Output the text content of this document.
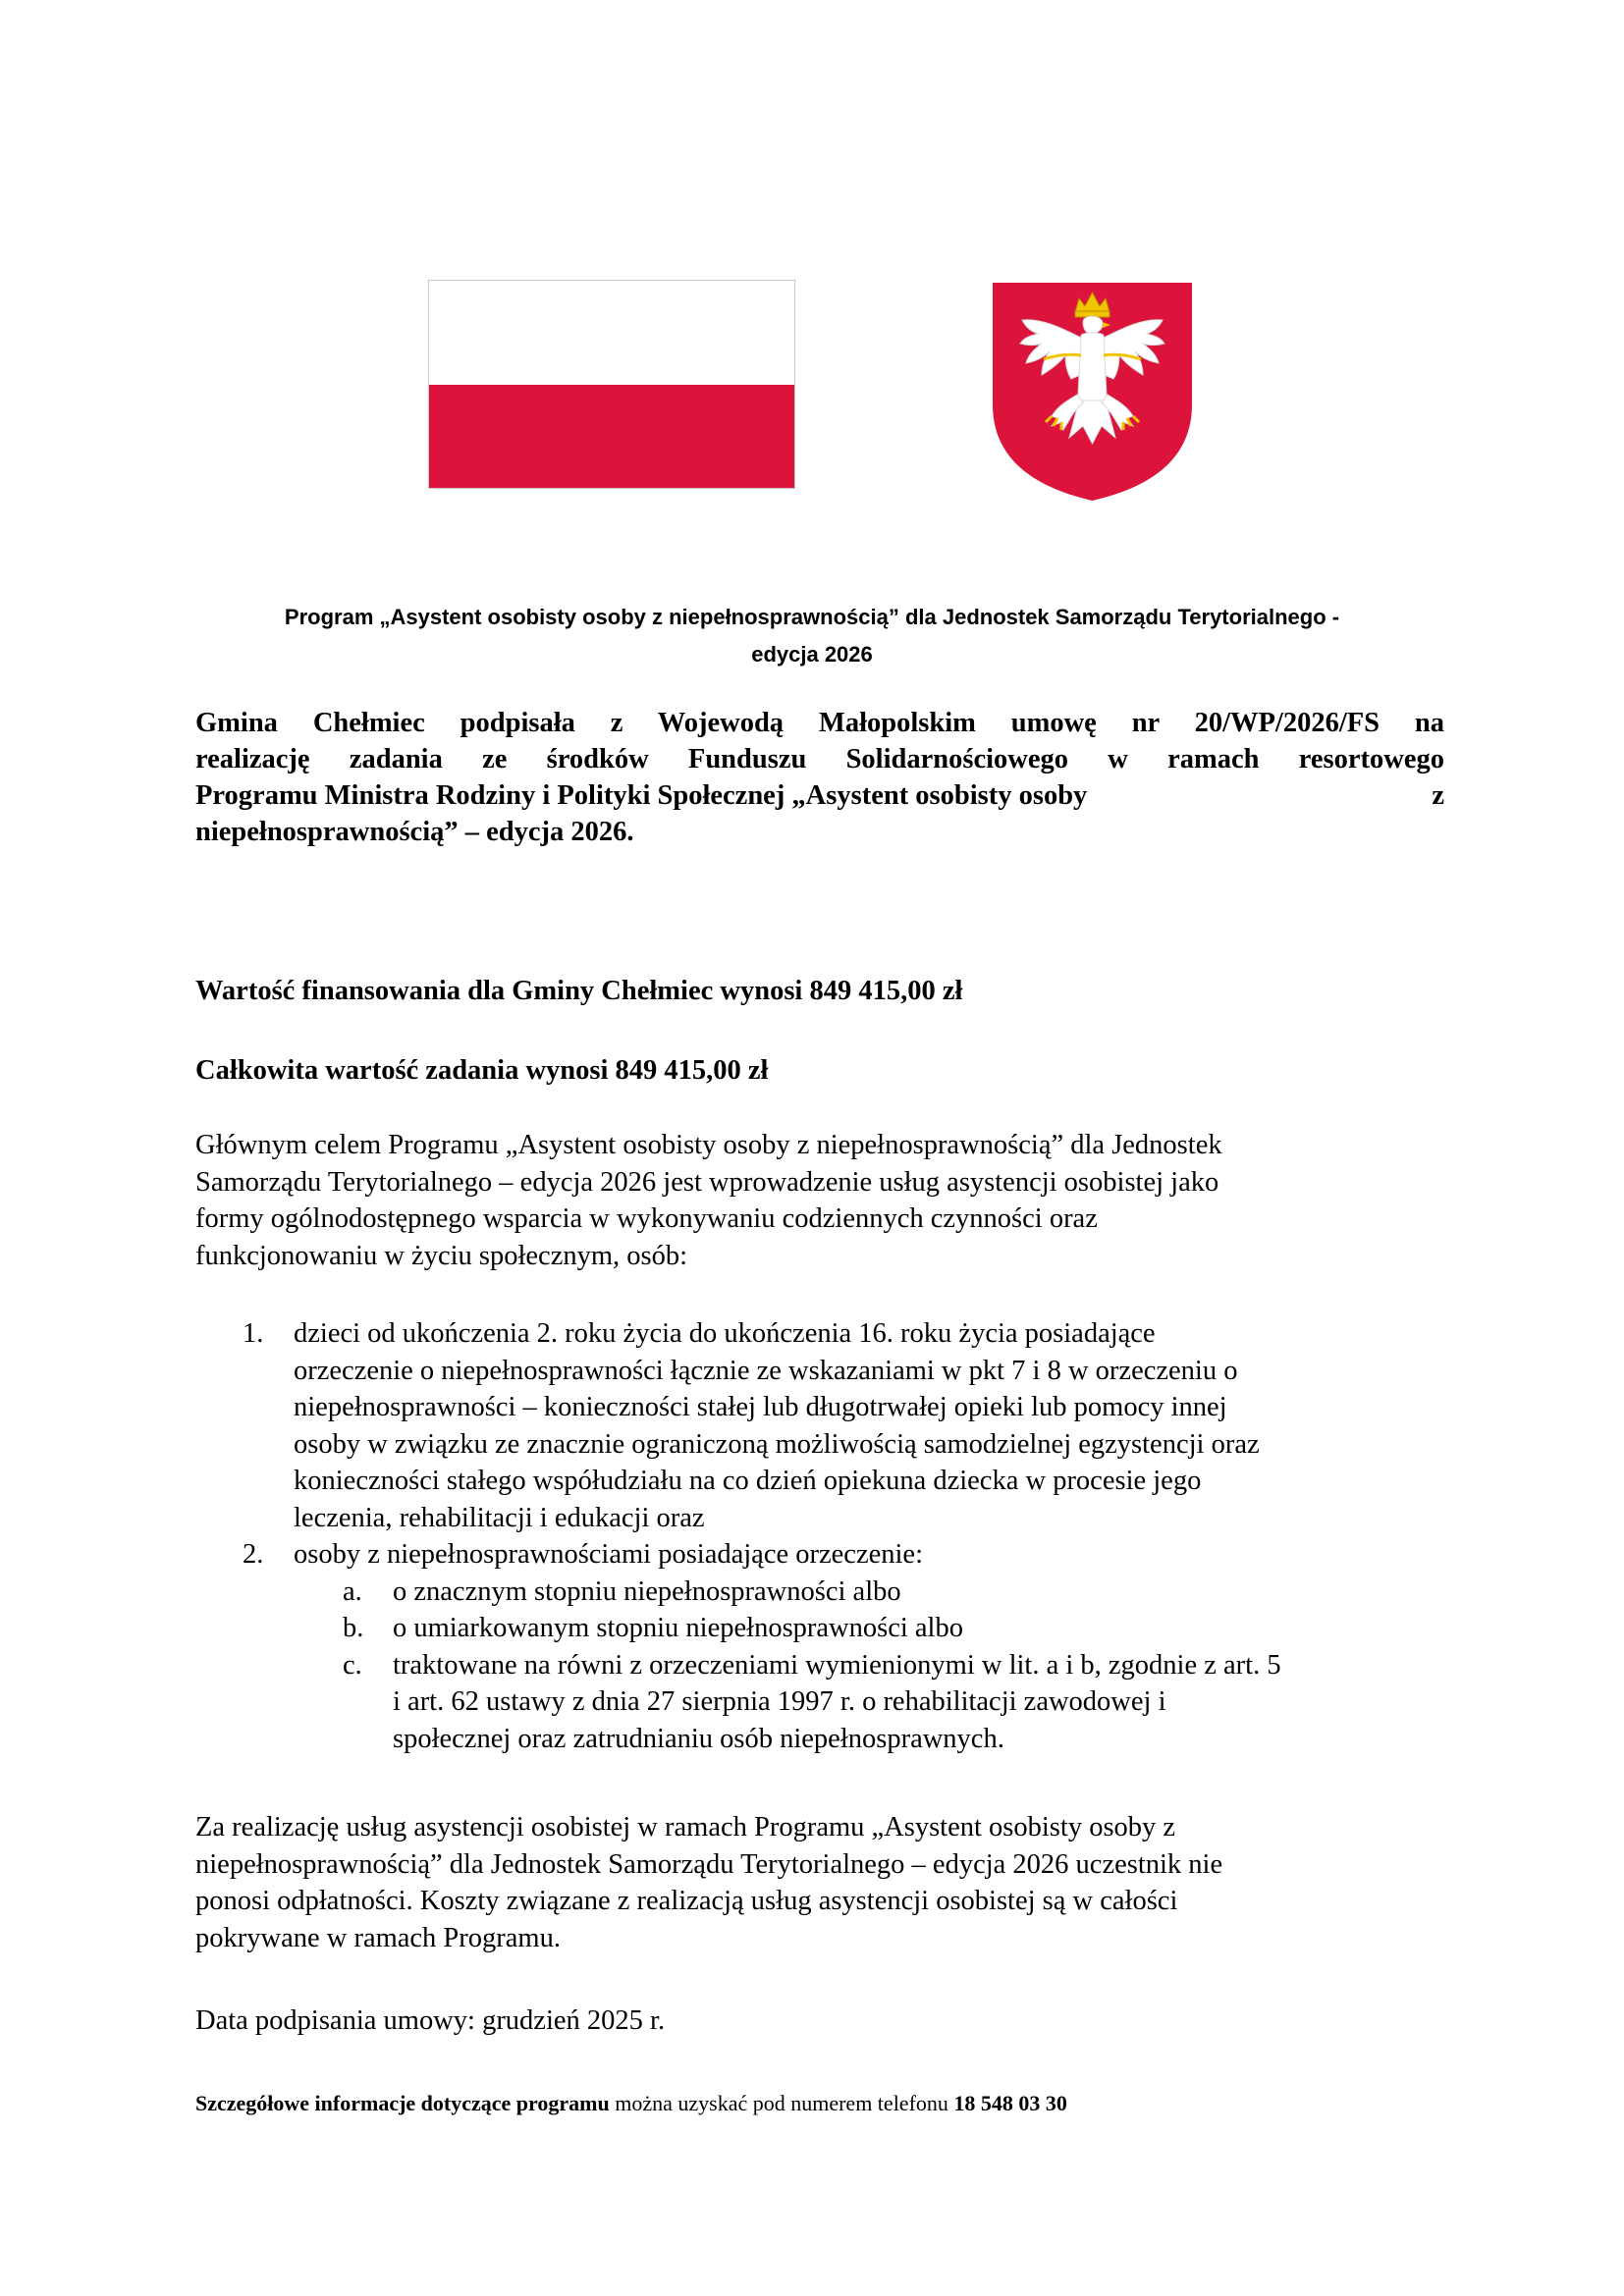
Program „Asystent osobisty osoby z niepełnosprawnością” dla Jednostek Samorządu Terytorialnego -
edycja 2026
Gmina Chełmiec podpisała z Wojewodą Małopolskim umowę nr 20/WP/2026/FS na
realizację zadania ze środków Funduszu Solidarnościowego w ramach resortowego
Programu Ministra Rodziny i Polityki Społecznej „Asystent osobisty osoby	z
niepełnosprawnością” – edycja 2026.
Wartość finansowania dla Gminy Chełmiec wynosi 849 415,00 zł
Całkowita wartość zadania wynosi 849 415,00 zł
Głównym celem Programu „Asystent osobisty osoby z niepełnosprawnością” dla Jednostek
Samorządu Terytorialnego – edycja 2026 jest wprowadzenie usług asystencji osobistej jako
formy ogólnodostępnego wsparcia w wykonywaniu codziennych czynności oraz
funkcjonowaniu w życiu społecznym, osób:
1. dzieci od ukończenia 2. roku życia do ukończenia 16. roku życia posiadające
orzeczenie o niepełnosprawności łącznie ze wskazaniami w pkt 7 i 8 w orzeczeniu o
niepełnosprawności – konieczności stałej lub długotrwałej opieki lub pomocy innej
osoby w związku ze znacznie ograniczoną możliwością samodzielnej egzystencji oraz
konieczności stałego współudziału na co dzień opiekuna dziecka w procesie jego
leczenia, rehabilitacji i edukacji oraz
2. osoby z niepełnosprawnościami posiadające orzeczenie:
a. o znacznym stopniu niepełnosprawności albo
b. o umiarkowanym stopniu niepełnosprawności albo
c. traktowane na równi z orzeczeniami wymienionymi w lit. a i b, zgodnie z art. 5
i art. 62 ustawy z dnia 27 sierpnia 1997 r. o rehabilitacji zawodowej i
społecznej oraz zatrudnianiu osób niepełnosprawnych.
Za realizację usług asystencji osobistej w ramach Programu „Asystent osobisty osoby z
niepełnosprawnością” dla Jednostek Samorządu Terytorialnego – edycja 2026 uczestnik nie
ponosi odpłatności. Koszty związane z realizacją usług asystencji osobistej są w całości
pokrywane w ramach Programu.
Data podpisania umowy: grudzień 2025 r.
Szczegółowe informacje dotyczące programu można uzyskać pod numerem telefonu 18 548 03 30
